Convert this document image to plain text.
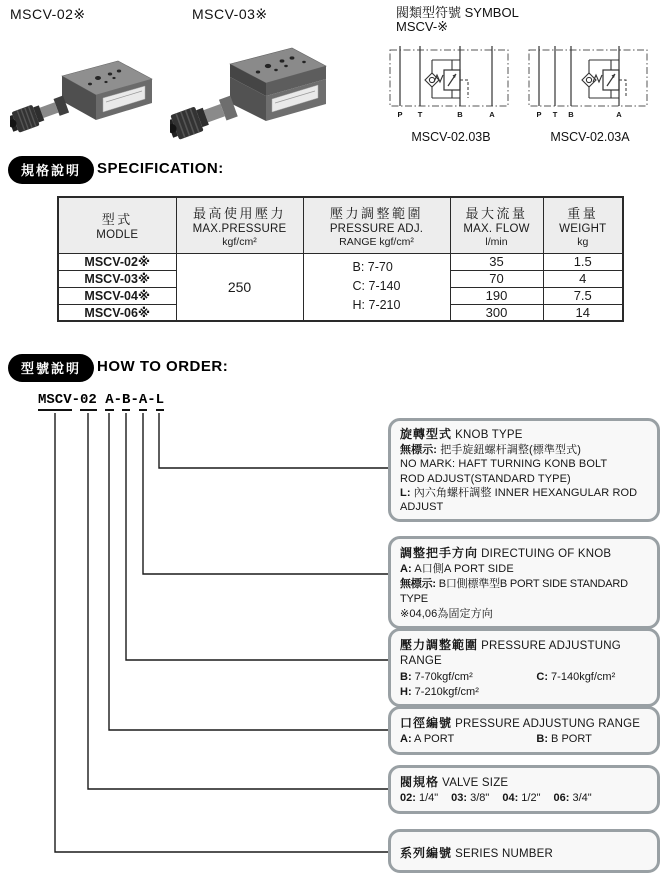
MSCV-02※	MSCV-03※	閥類型符號 SYMBOL
MSCV-※
P T	B	A
MSCV-02.03B
P T B	A
MSCV-02.03A
規格說明	SPECIFICATION:
型式
MODLE	最高使用壓力
MAX.PRESSURE
kgf/cm²	壓力調整範圍
PRESSURE ADJ.
RANGE kgf/cm²	最大流量
MAX. FLOW
l/min	重量
WEIGHT
kg

MSCV-02※	250	B: 7-70
C: 7-140
H: 7-210	35	1.5
MSCV-03※			70	4
MSCV-04※			190	7.5
MSCV-06※			300	14
型號說明	HOW TO ORDER:
MSCV-02 A-B-A-L
旋轉型式 KNOB TYPE
無標示: 把手旋鈕螺杆調整(標準型式)
NO MARK: HAFT TURNING KONB BOLT
ROD ADJUST(STANDARD TYPE)
L: 內六角螺杆調整 INNER HEXANGULAR ROD
ADJUST
調整把手方向 DIRECTUING OF KNOB
A: A口側A PORT SIDE
無標示: B口側標準型B PORT SIDE STANDARD TYPE
※04,06為固定方向
壓力調整範圍 PRESSURE ADJUSTUNG RANGE
B: 7-70kgf/cm²	C: 7-140kgf/cm²
H: 7-210kgf/cm²
口徑編號 PRESSURE ADJUSTUNG RANGE
A: A PORT	B: B PORT
閥規格 VALVE SIZE
02: 1/4" 03: 3/8" 04: 1/2" 06: 3/4"
系列編號 SERIES NUMBER
